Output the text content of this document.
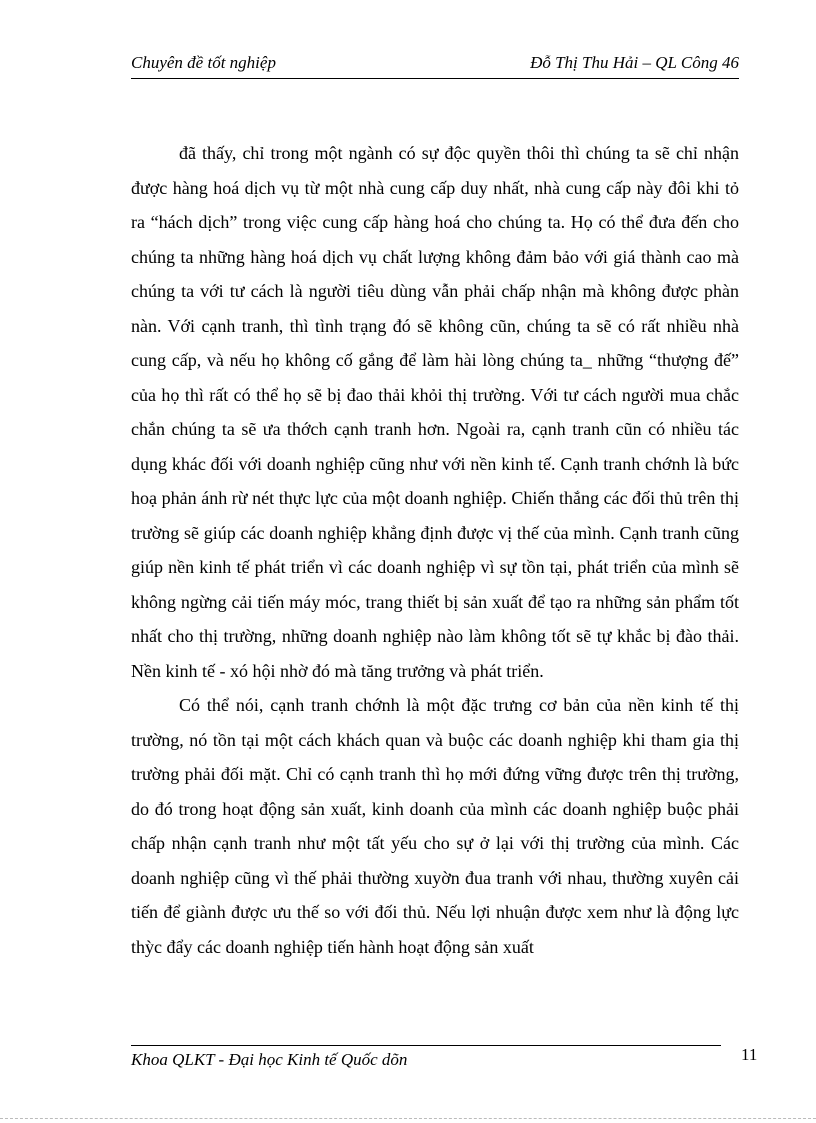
Chuyên đề tốt nghiệp	Đỗ Thị Thu Hải – QL Công 46

đã thấy, chỉ trong một ngành có sự độc quyền thôi thì chúng ta sẽ chỉ nhận được hàng hoá dịch vụ từ một nhà cung cấp duy nhất, nhà cung cấp này đôi khi tỏ ra “hách dịch” trong việc cung cấp hàng hoá cho chúng ta. Họ có thể đưa đến cho chúng ta những hàng hoá dịch vụ chất lượng không đảm bảo với giá thành cao mà chúng ta với tư cách là người tiêu dùng vẫn phải chấp nhận mà không được phàn nàn. Với cạnh tranh, thì tình trạng đó sẽ không cũn, chúng ta sẽ có rất nhiều nhà cung cấp, và nếu họ không cố gắng để làm hài lòng chúng ta_ những “thượng đế” của họ thì rất có thể họ sẽ bị đao thải khỏi thị trường. Với tư cách người mua chắc chắn chúng ta sẽ ưa thớch cạnh tranh hơn. Ngoài ra, cạnh tranh cũn có nhiều tác dụng khác đối với doanh nghiệp cũng như với nền kinh tế. Cạnh tranh chớnh là bức hoạ phản ánh rừ nét thực lực của một doanh nghiệp. Chiến thắng các đối thủ trên thị trường sẽ giúp các doanh nghiệp khẳng định được vị thế của mình. Cạnh tranh cũng giúp nền kinh tế phát triển vì các doanh nghiệp vì sự tồn tại, phát triển của mình sẽ không ngừng cải tiến máy móc, trang thiết bị sản xuất để tạo ra những sản phẩm tốt nhất cho thị trường, những doanh nghiệp nào làm không tốt sẽ tự khắc bị đào thải. Nền kinh tế - xó hội nhờ đó mà tăng trưởng và phát triển.

Có thể nói, cạnh tranh chớnh là một đặc trưng cơ bản của nền kinh tế thị trường, nó tồn tại một cách khách quan và buộc các doanh nghiệp khi tham gia thị trường phải đối mặt. Chỉ có cạnh tranh thì họ mới đứng vững được trên thị trường, do đó trong hoạt động sản xuất, kinh doanh của mình các doanh nghiệp buộc phải chấp nhận cạnh tranh như một tất yếu cho sự ở lại với thị trường của mình. Các doanh nghiệp cũng vì thế phải thường xuyờn đua tranh với nhau, thường xuyên cải tiến để giành được ưu thế so với đối thủ. Nếu lợi nhuận được xem như là động lực thỳc đẩy các doanh nghiệp tiến hành hoạt động sản xuất

Khoa QLKT - Đại học Kinh tế Quốc dõn	11
